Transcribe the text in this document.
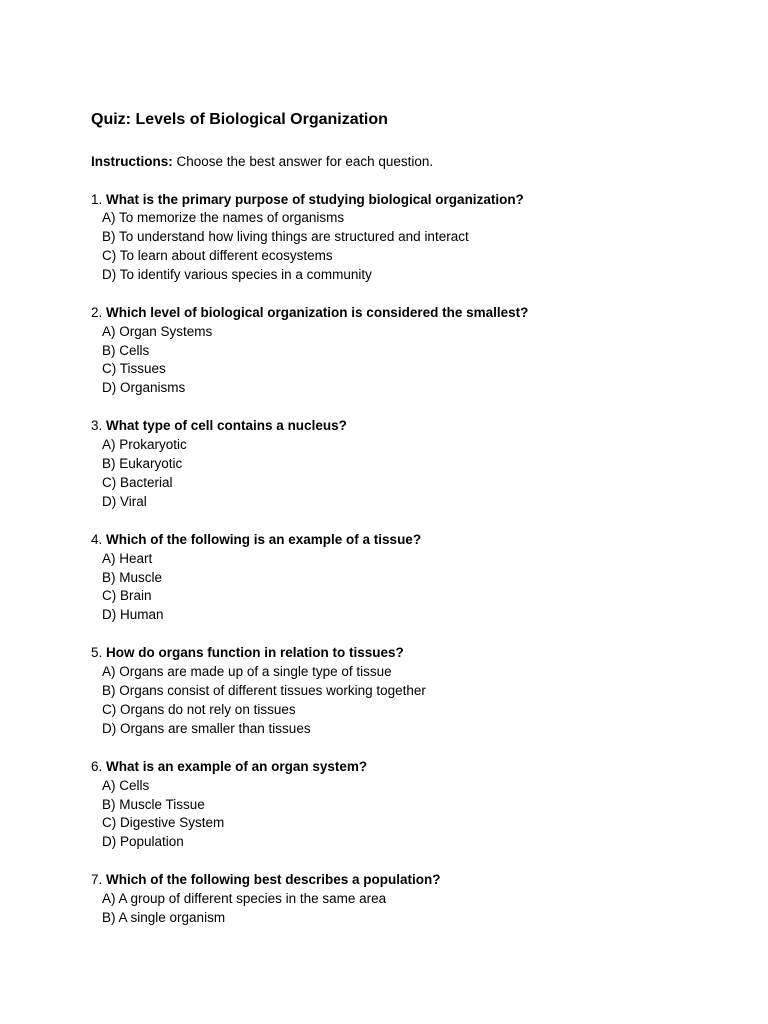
Quiz: Levels of Biological Organization
Instructions: Choose the best answer for each question.
1. What is the primary purpose of studying biological organization?
A) To memorize the names of organisms
B) To understand how living things are structured and interact
C) To learn about different ecosystems
D) To identify various species in a community
2. Which level of biological organization is considered the smallest?
A) Organ Systems
B) Cells
C) Tissues
D) Organisms
3. What type of cell contains a nucleus?
A) Prokaryotic
B) Eukaryotic
C) Bacterial
D) Viral
4. Which of the following is an example of a tissue?
A) Heart
B) Muscle
C) Brain
D) Human
5. How do organs function in relation to tissues?
A) Organs are made up of a single type of tissue
B) Organs consist of different tissues working together
C) Organs do not rely on tissues
D) Organs are smaller than tissues
6. What is an example of an organ system?
A) Cells
B) Muscle Tissue
C) Digestive System
D) Population
7. Which of the following best describes a population?
A) A group of different species in the same area
B) A single organism
